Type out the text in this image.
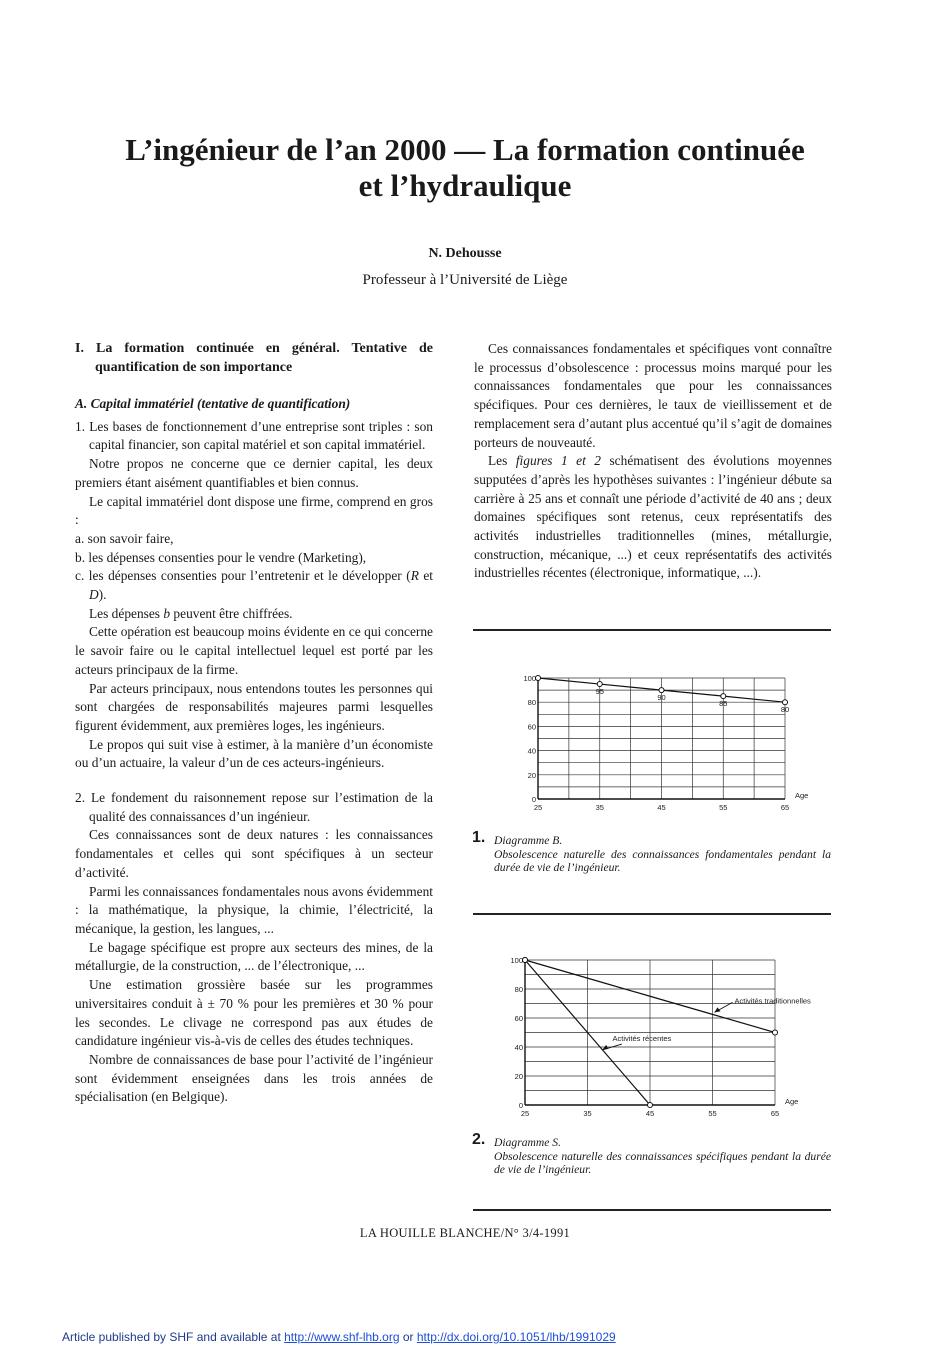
L’ingénieur de l’an 2000 — La formation continuée
et l’hydraulique
N. Dehousse
Professeur à l’Université de Liège

I. La formation continuée en général. Tentative de quantification de son importance

A. Capital immatériel (tentative de quantification)

1. Les bases de fonctionnement d’une entreprise sont triples : son capital financier, son capital matériel et son capital immatériel.

Notre propos ne concerne que ce dernier capital, les deux premiers étant aisément quantifiables et bien connus.

Le capital immatériel dont dispose une firme, comprend en gros :

a. son savoir faire,

b. les dépenses consenties pour le vendre (Marketing),

c. les dépenses consenties pour l’entretenir et le développer (R et D).

Les dépenses b peuvent être chiffrées.

Cette opération est beaucoup moins évidente en ce qui concerne le savoir faire ou le capital intellectuel lequel est porté par les acteurs principaux de la firme.

Par acteurs principaux, nous entendons toutes les personnes qui sont chargées de responsabilités majeures parmi lesquelles figurent évidemment, aux premières loges, les ingénieurs.

Le propos qui suit vise à estimer, à la manière d’un économiste ou d’un actuaire, la valeur d’un de ces acteurs-ingénieurs.

2. Le fondement du raisonnement repose sur l’estimation de la qualité des connaissances d’un ingénieur.

Ces connaissances sont de deux natures : les connaissances fondamentales et celles qui sont spécifiques à un secteur d’activité.

Parmi les connaissances fondamentales nous avons évidemment : la mathématique, la physique, la chimie, l’électricité, la mécanique, la gestion, les langues, ...

Le bagage spécifique est propre aux secteurs des mines, de la métallurgie, de la construction, ... de l’électronique, ...

Une estimation grossière basée sur les programmes universitaires conduit à ± 70 % pour les premières et 30 % pour les secondes. Le clivage ne correspond pas aux études de candidature ingénieur vis-à-vis de celles des études techniques.

Nombre de connaissances de base pour l’activité de l’ingénieur sont évidemment enseignées dans les trois années de spécialisation (en Belgique).

Ces connaissances fondamentales et spécifiques vont connaître le processus d’obsolescence : processus moins marqué pour les connaissances fondamentales que pour les connaissances spécifiques. Pour ces dernières, le taux de vieillissement et de remplacement sera d’autant plus accentué qu’il s’agit de domaines porteurs de nouveauté.

Les figures 1 et 2 schématisent des évolutions moyennes supputées d’après les hypothèses suivantes : l’ingénieur débute sa carrière à 25 ans et connaît une période d’activité de 40 ans ; deux domaines spécifiques sont retenus, ceux représentatifs des activités industrielles traditionnelles (mines, métallurgie, construction, mécanique, ...) et ceux représentatifs des activités industrielles récentes (électronique, informatique, ...).

25	35	45	55	65
0
20
40
60
80
100
Age
95
90
85
80
1. Diagramme B.
Obsolescence naturelle des connaissances fondamentales pendant la durée de vie de l’ingénieur.
25	35	45	55	65
0
20
40
60
80
100
Age
Activités traditionnelles
Activités récentes
2. Diagramme S.
Obsolescence naturelle des connaissances spécifiques pendant la durée de vie de l’ingénieur.
LA HOUILLE BLANCHE/N° 3/4-1991
Article published by SHF and available at http://www.shf-lhb.org or http://dx.doi.org/10.1051/lhb/1991029
